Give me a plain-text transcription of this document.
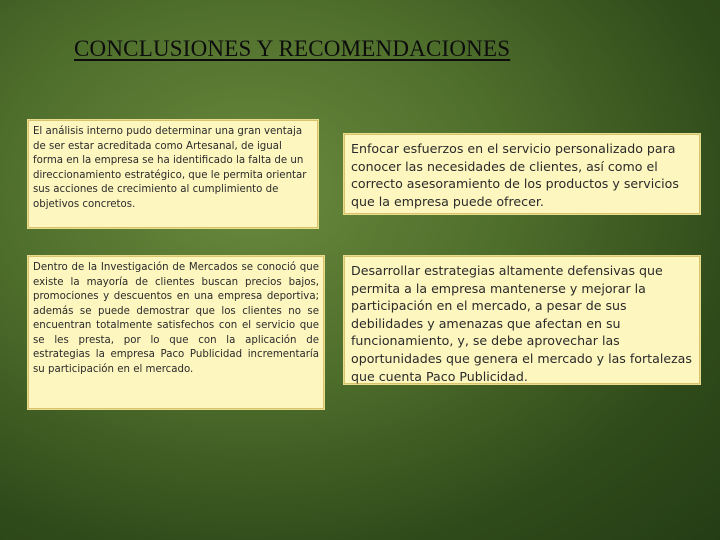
CONCLUSIONES Y RECOMENDACIONES
El análisis interno pudo determinar una gran ventaja de ser estar acreditada como Artesanal, de igual forma en la empresa se ha identificado la falta de un direccionamiento estratégico, que le permita orientar sus acciones de crecimiento al cumplimiento de objetivos concretos.
Enfocar esfuerzos en el servicio personalizado para conocer las necesidades de clientes, así como el correcto asesoramiento de los productos y servicios que la empresa puede ofrecer.
Dentro de la Investigación de Mercados se conoció que existe la mayoría de clientes buscan precios bajos, promociones y descuentos en una empresa deportiva; además se puede demostrar que los clientes no se encuentran totalmente satisfechos con el servicio que se les presta, por lo que con la aplicación de estrategias la empresa Paco Publicidad incrementaría su participación en el mercado.
Desarrollar estrategias altamente defensivas que permita a la empresa mantenerse y mejorar la participación en el mercado, a pesar de sus debilidades y amenazas que afectan en su funcionamiento, y, se debe aprovechar las oportunidades que genera el mercado y las fortalezas que cuenta Paco Publicidad.
